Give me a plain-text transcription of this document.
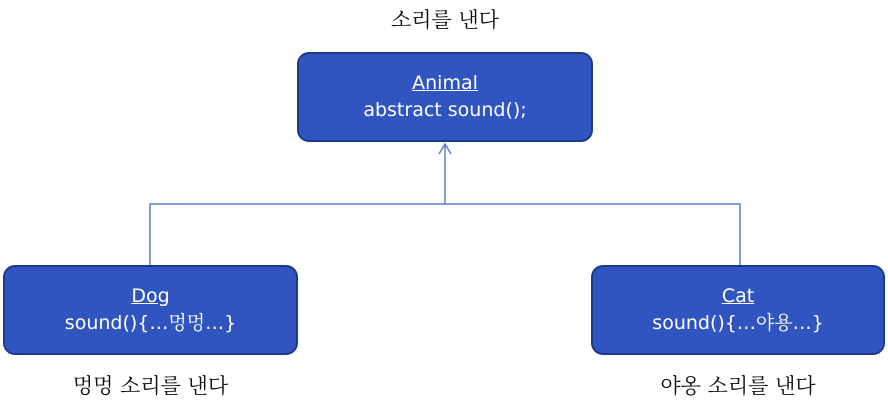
소리를 낸다
Animal
abstract sound();
Dog
sound(){…멍멍…}
Cat
sound(){…야용…}
멍멍 소리를 낸다	야옹 소리를 낸다
